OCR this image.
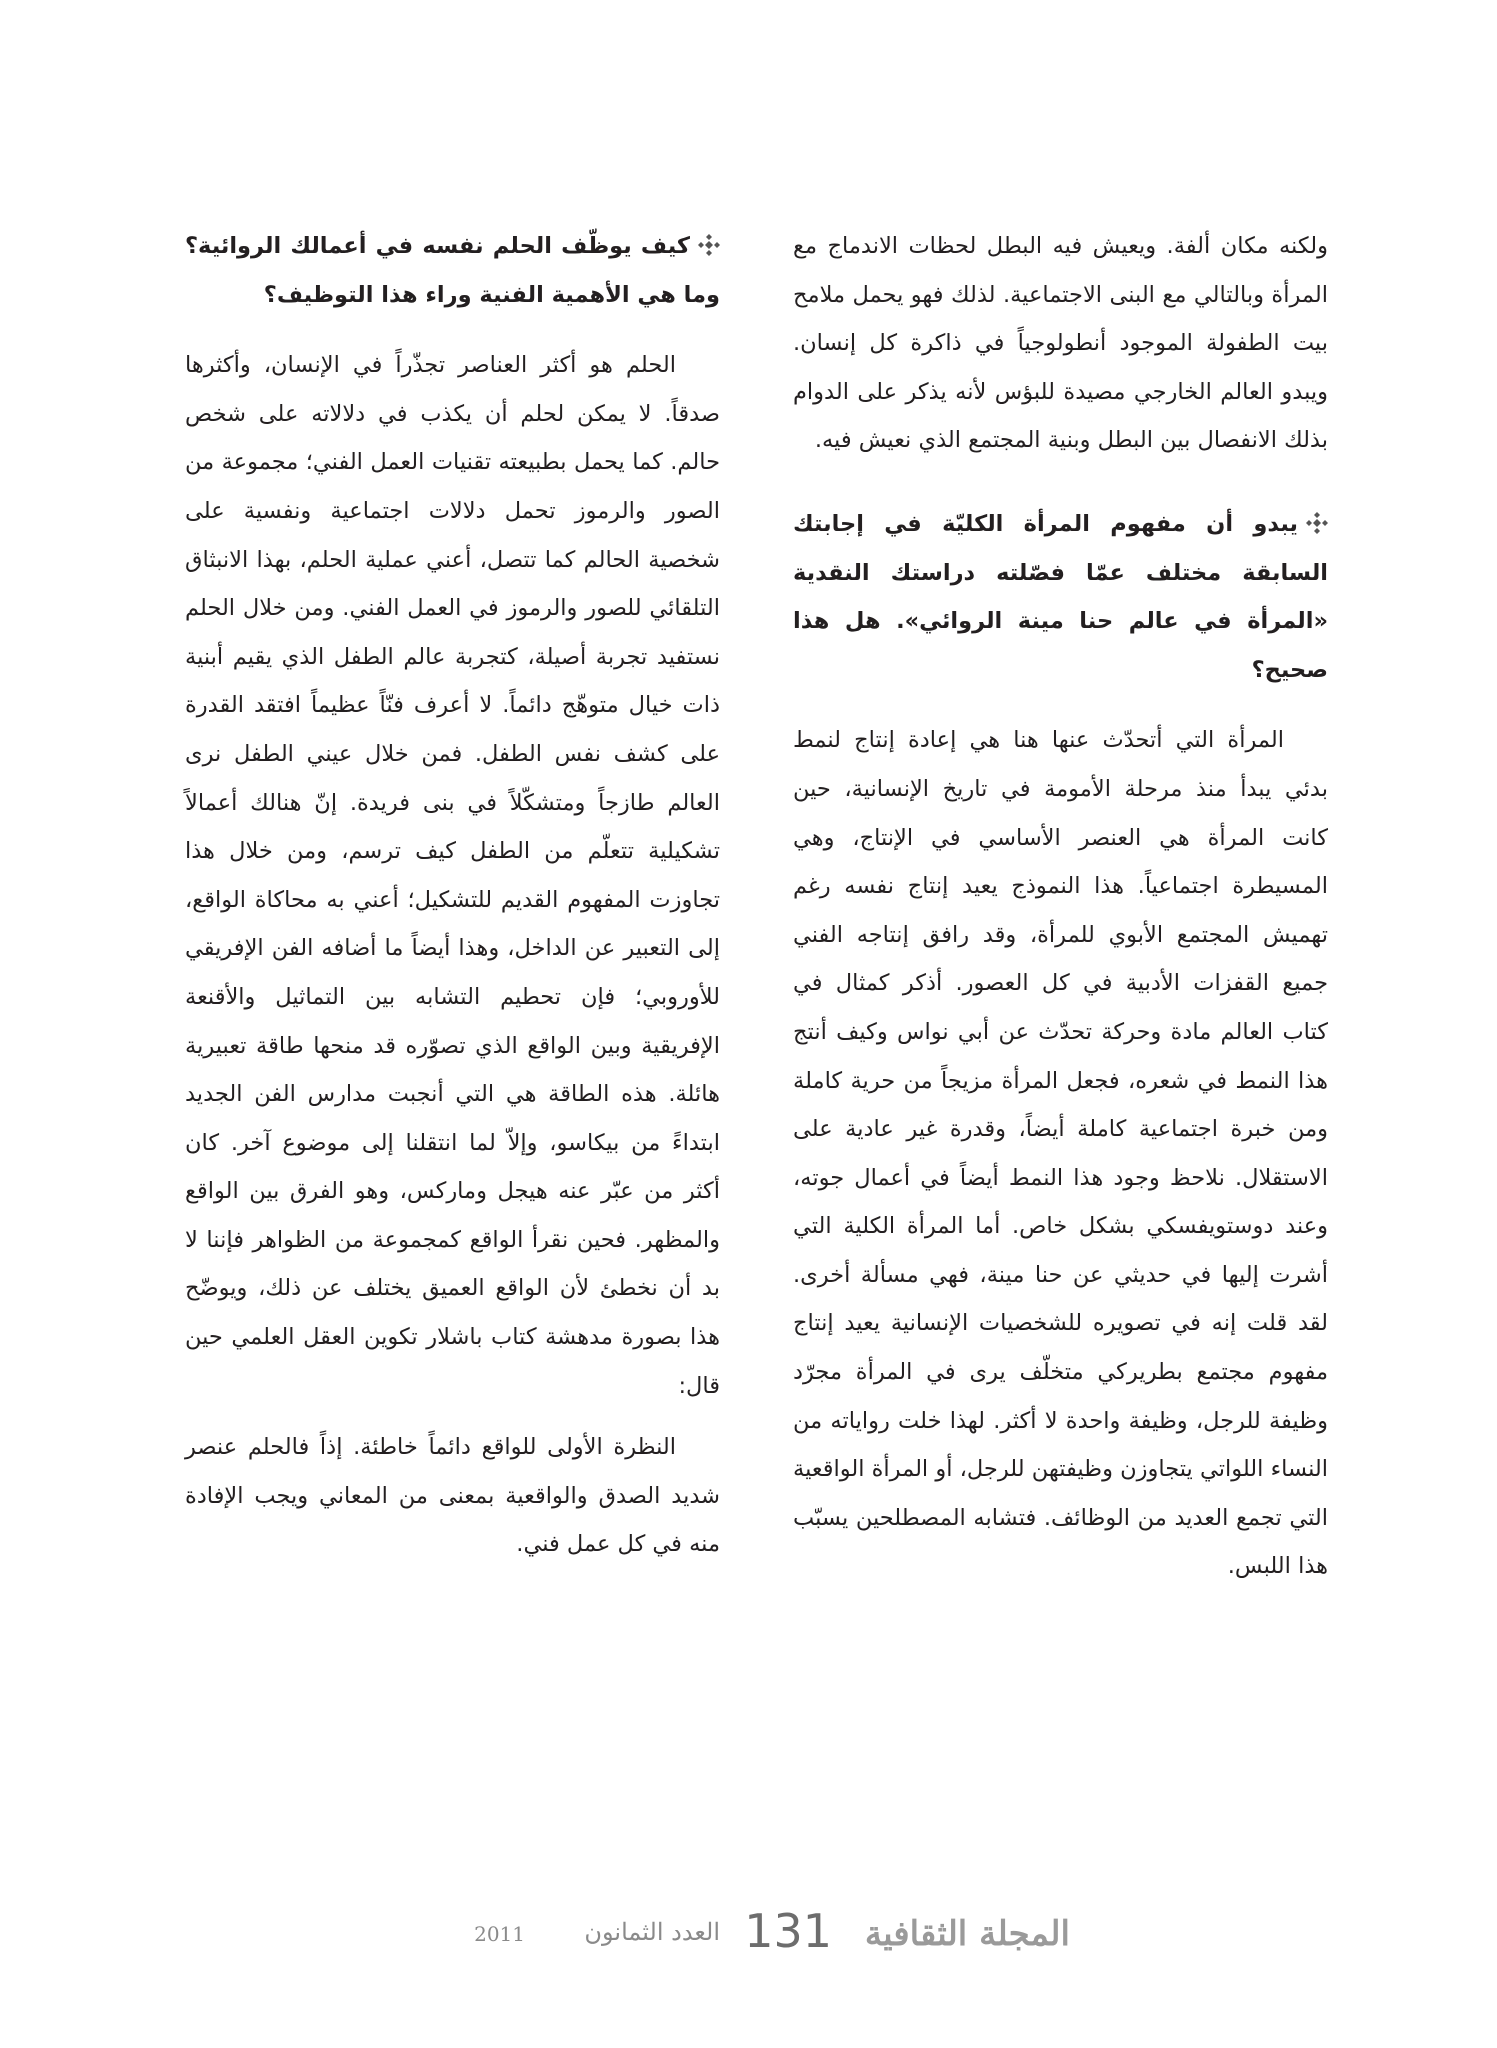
ولكنه مكان ألفة. ويعيش فيه البطل لحظات الاندماج مع المرأة وبالتالي مع البنى الاجتماعية. لذلك فهو يحمل ملامح بيت الطفولة الموجود أنطولوجياً في ذاكرة كل إنسان. ويبدو العالم الخارجي مصيدة للبؤس لأنه يذكر على الدوام بذلك الانفصال بين البطل وبنية المجتمع الذي نعيش فيه.

يبدو أن مفهوم المرأة الكليّة في إجابتك السابقة مختلف عمّا فصّلته دراستك النقدية «المرأة في عالم حنا مينة الروائي». هل هذا صحيح؟

المرأة التي أتحدّث عنها هنا هي إعادة إنتاج لنمط بدئي يبدأ منذ مرحلة الأمومة في تاريخ الإنسانية، حين كانت المرأة هي العنصر الأساسي في الإنتاج، وهي المسيطرة اجتماعياً. هذا النموذج يعيد إنتاج نفسه رغم تهميش المجتمع الأبوي للمرأة، وقد رافق إنتاجه الفني جميع القفزات الأدبية في كل العصور. أذكر كمثال في كتاب العالم مادة وحركة تحدّث عن أبي نواس وكيف أنتج هذا النمط في شعره، فجعل المرأة مزيجاً من حرية كاملة ومن خبرة اجتماعية كاملة أيضاً، وقدرة غير عادية على الاستقلال. نلاحظ وجود هذا النمط أيضاً في أعمال جوته، وعند دوستويفسكي بشكل خاص. أما المرأة الكلية التي أشرت إليها في حديثي عن حنا مينة، فهي مسألة أخرى. لقد قلت إنه في تصويره للشخصيات الإنسانية يعيد إنتاج مفهوم مجتمع بطريركي متخلّف يرى في المرأة مجرّد وظيفة للرجل، وظيفة واحدة لا أكثر. لهذا خلت رواياته من النساء اللواتي يتجاوزن وظيفتهن للرجل، أو المرأة الواقعية التي تجمع العديد من الوظائف. فتشابه المصطلحين يسبّب هذا اللبس.

كيف يوظّف الحلم نفسه في أعمالك الروائية؟ وما هي الأهمية الفنية وراء هذا التوظيف؟

الحلم هو أكثر العناصر تجذّراً في الإنسان، وأكثرها صدقاً. لا يمكن لحلم أن يكذب في دلالاته على شخص حالم. كما يحمل بطبيعته تقنيات العمل الفني؛ مجموعة من الصور والرموز تحمل دلالات اجتماعية ونفسية على شخصية الحالم كما تتصل، أعني عملية الحلم، بهذا الانبثاق التلقائي للصور والرموز في العمل الفني. ومن خلال الحلم نستفيد تجربة أصيلة، كتجربة عالم الطفل الذي يقيم أبنية ذات خيال متوهّج دائماً. لا أعرف فنّاً عظيماً افتقد القدرة على كشف نفس الطفل. فمن خلال عيني الطفل نرى العالم طازجاً ومتشكّلاً في بنى فريدة. إنّ هنالك أعمالاً تشكيلية تتعلّم من الطفل كيف ترسم، ومن خلال هذا تجاوزت المفهوم القديم للتشكيل؛ أعني به محاكاة الواقع، إلى التعبير عن الداخل، وهذا أيضاً ما أضافه الفن الإفريقي للأوروبي؛ فإن تحطيم التشابه بين التماثيل والأقنعة الإفريقية وبين الواقع الذي تصوّره قد منحها طاقة تعبيرية هائلة. هذه الطاقة هي التي أنجبت مدارس الفن الجديد ابتداءً من بيكاسو، وإلاّ لما انتقلنا إلى موضوع آخر. كان أكثر من عبّر عنه هيجل وماركس، وهو الفرق بين الواقع والمظهر. فحين نقرأ الواقع كمجموعة من الظواهر فإننا لا بد أن نخطئ لأن الواقع العميق يختلف عن ذلك، ويوضّح هذا بصورة مدهشة كتاب باشلار تكوين العقل العلمي حين قال:

النظرة الأولى للواقع دائماً خاطئة. إذاً فالحلم عنصر شديد الصدق والواقعية بمعنى من المعاني ويجب الإفادة منه في كل عمل فني.

المجلة الثقافية
131
العدد الثمانون
2011
